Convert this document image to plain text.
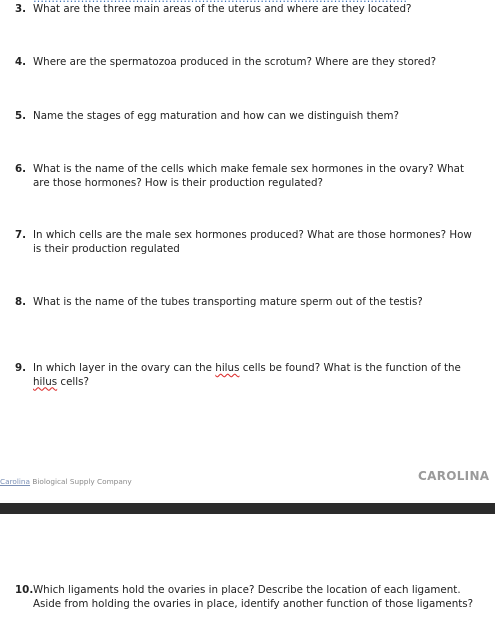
3. What are the three main areas of the uterus and where are they located?
4. Where are the spermatozoa produced in the scrotum? Where are they stored?
5. Name the stages of egg maturation and how can we distinguish them?
6. What is the name of the cells which make female sex hormones in the ovary? What are those hormones? How is their production regulated?
7. In which cells are the male sex hormones produced? What are those hormones? How is their production regulated
8. What is the name of the tubes transporting mature sperm out of the testis?
9. In which layer in the ovary can the hilus cells be found? What is the function of the hilus cells?
Carolina Biological Supply Company	CAROLINA
10. Which ligaments hold the ovaries in place? Describe the location of each ligament. Aside from holding the ovaries in place, identify another function of those ligaments?
